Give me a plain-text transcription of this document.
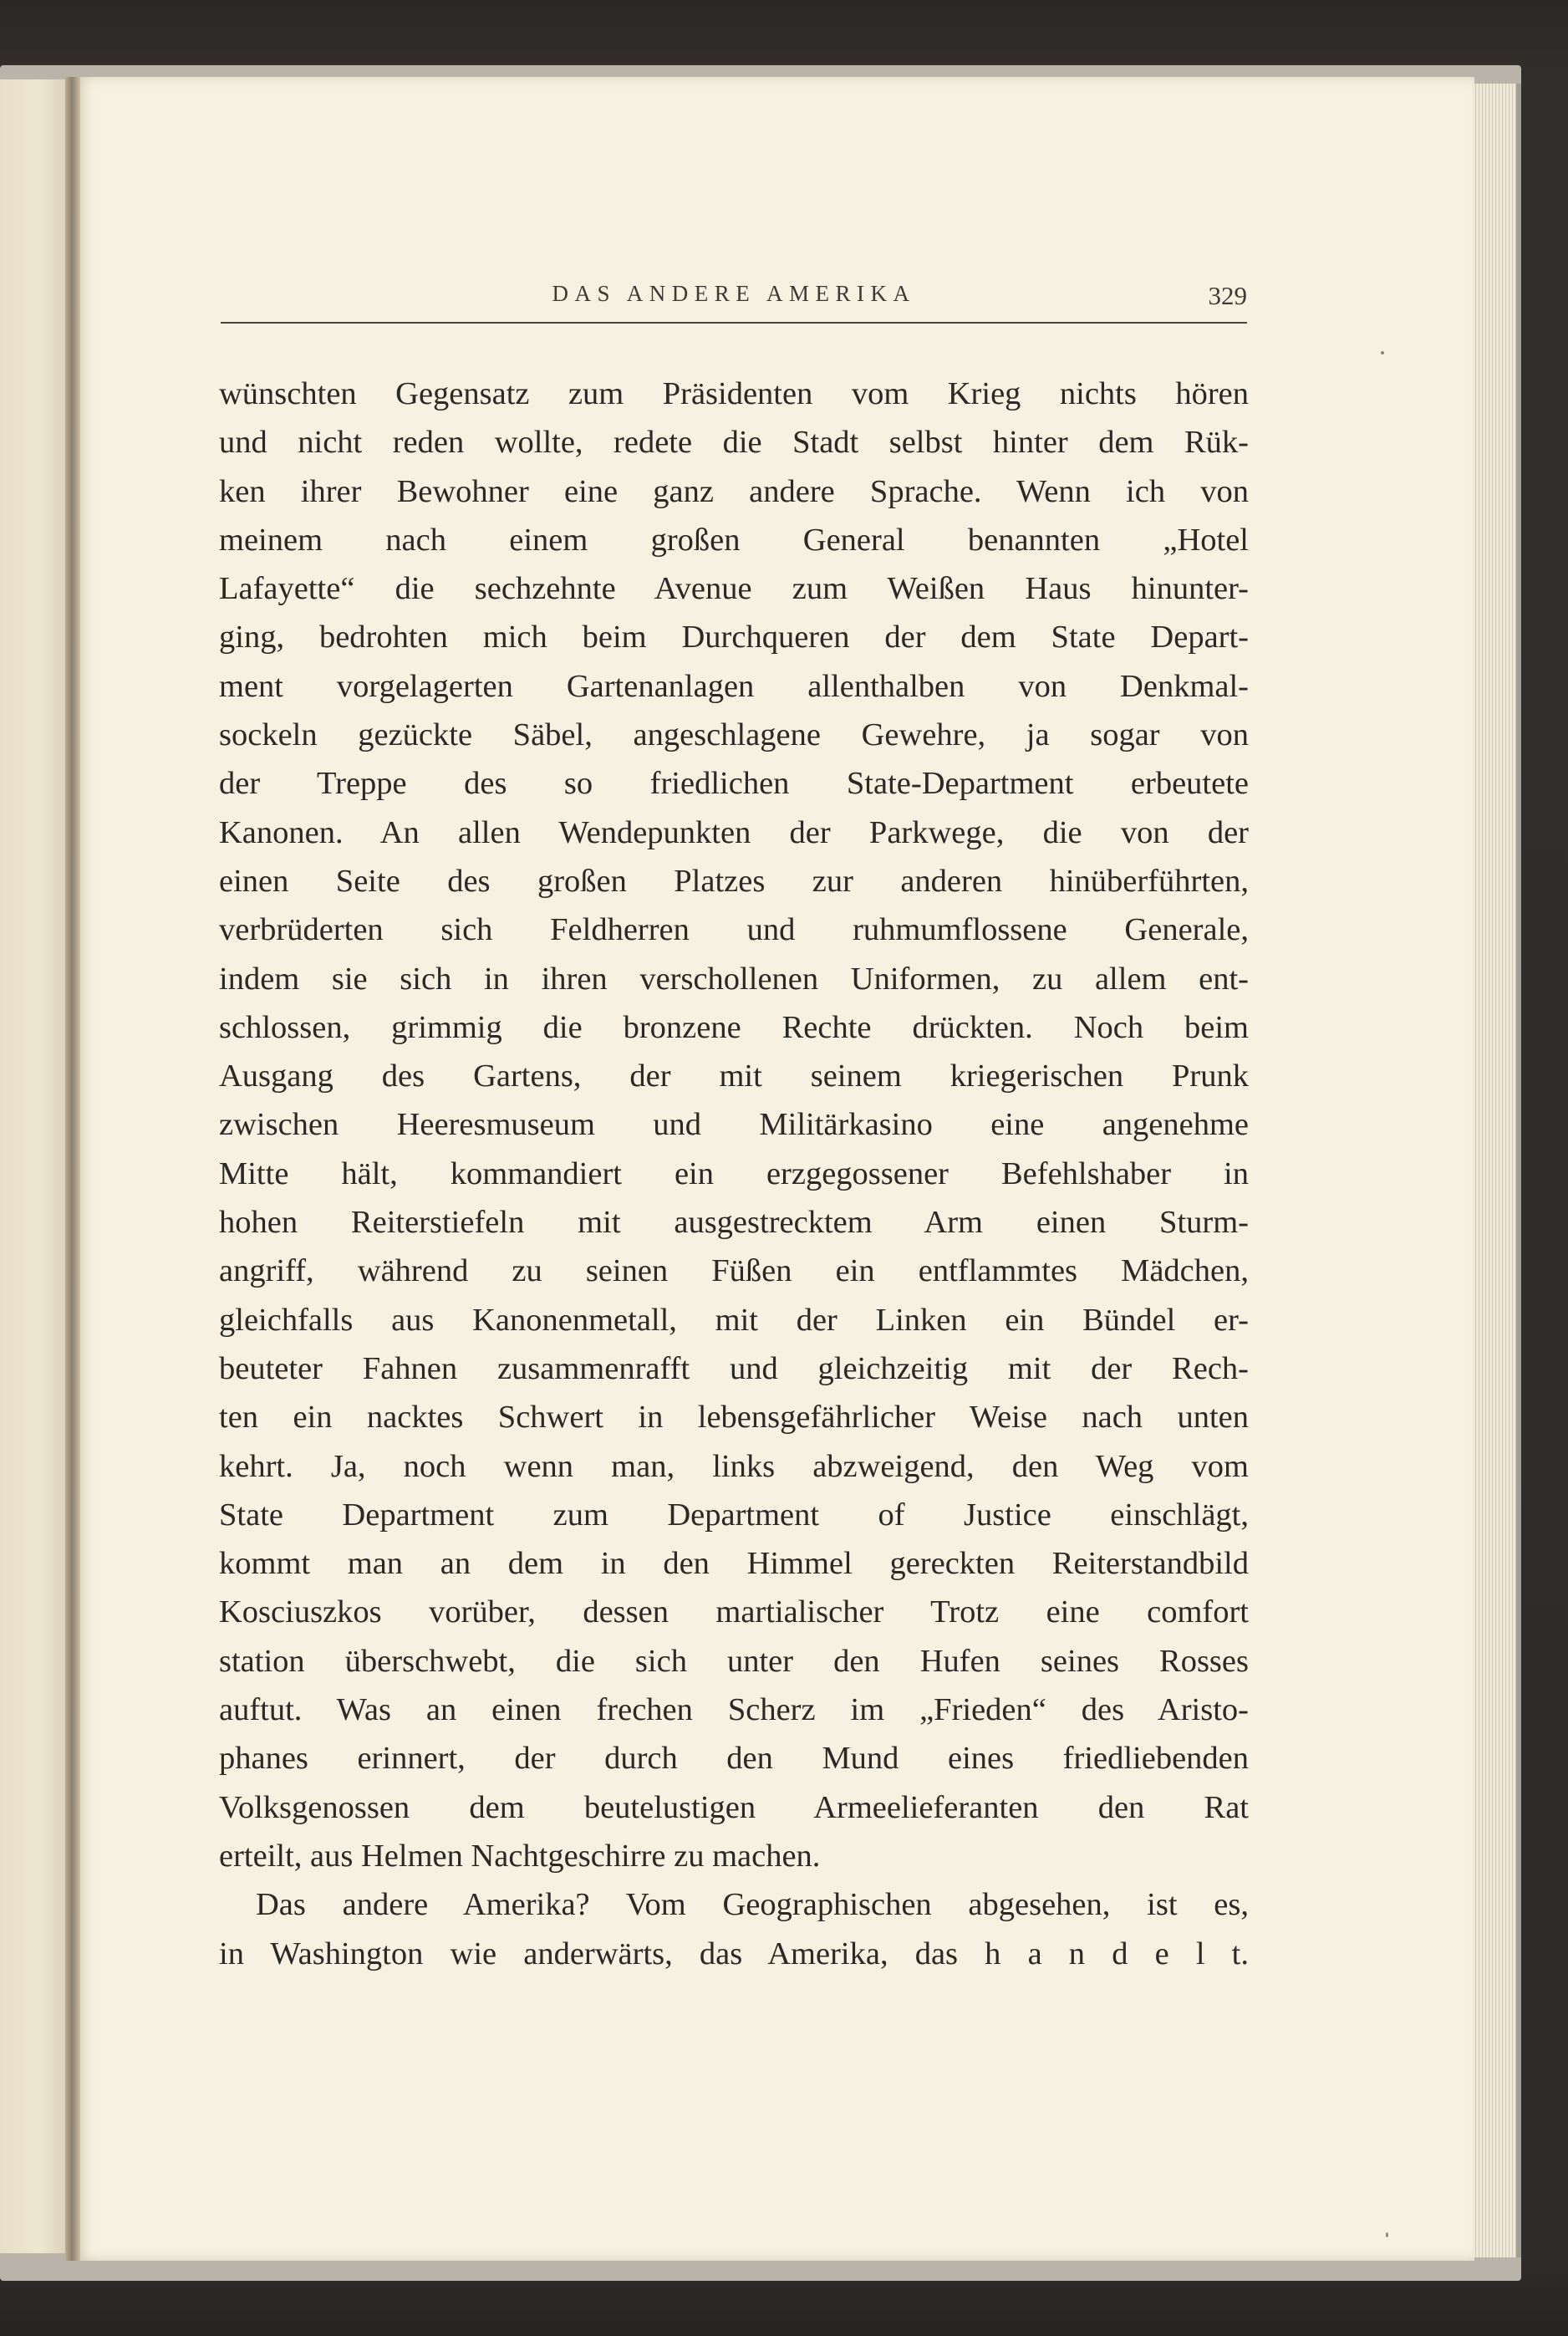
DAS ANDERE AMERIKA	329
wünschten Gegensatz zum Präsidenten vom Krieg nichts hören
und nicht reden wollte, redete die Stadt selbst hinter dem Rük-
ken ihrer Bewohner eine ganz andere Sprache. Wenn ich von
meinem nach einem großen General benannten „Hotel
Lafayette“ die sechzehnte Avenue zum Weißen Haus hinunter-
ging, bedrohten mich beim Durchqueren der dem State Depart-
ment vorgelagerten Gartenanlagen allenthalben von Denkmal-
sockeln gezückte Säbel, angeschlagene Gewehre, ja sogar von
der Treppe des so friedlichen State-Department erbeutete
Kanonen. An allen Wendepunkten der Parkwege, die von der
einen Seite des großen Platzes zur anderen hinüberführten,
verbrüderten sich Feldherren und ruhmumflossene Generale,
indem sie sich in ihren verschollenen Uniformen, zu allem ent-
schlossen, grimmig die bronzene Rechte drückten. Noch beim
Ausgang des Gartens, der mit seinem kriegerischen Prunk
zwischen Heeresmuseum und Militärkasino eine angenehme
Mitte hält, kommandiert ein erzgegossener Befehlshaber in
hohen Reiterstiefeln mit ausgestrecktem Arm einen Sturm-
angriff, während zu seinen Füßen ein entflammtes Mädchen,
gleichfalls aus Kanonenmetall, mit der Linken ein Bündel er-
beuteter Fahnen zusammenrafft und gleichzeitig mit der Rech-
ten ein nacktes Schwert in lebensgefährlicher Weise nach unten
kehrt. Ja, noch wenn man, links abzweigend, den Weg vom
State Department zum Department of Justice einschlägt,
kommt man an dem in den Himmel gereckten Reiterstandbild
Kosciuszkos vorüber, dessen martialischer Trotz eine comfort
station überschwebt, die sich unter den Hufen seines Rosses
auftut. Was an einen frechen Scherz im „Frieden“ des Aristo-
phanes erinnert, der durch den Mund eines friedliebenden
Volksgenossen dem beutelustigen Armeelieferanten den Rat
erteilt, aus Helmen Nachtgeschirre zu machen.
Das andere Amerika? Vom Geographischen abgesehen, ist es,
in Washington wie anderwärts, das Amerika, das h a n d e l t.
